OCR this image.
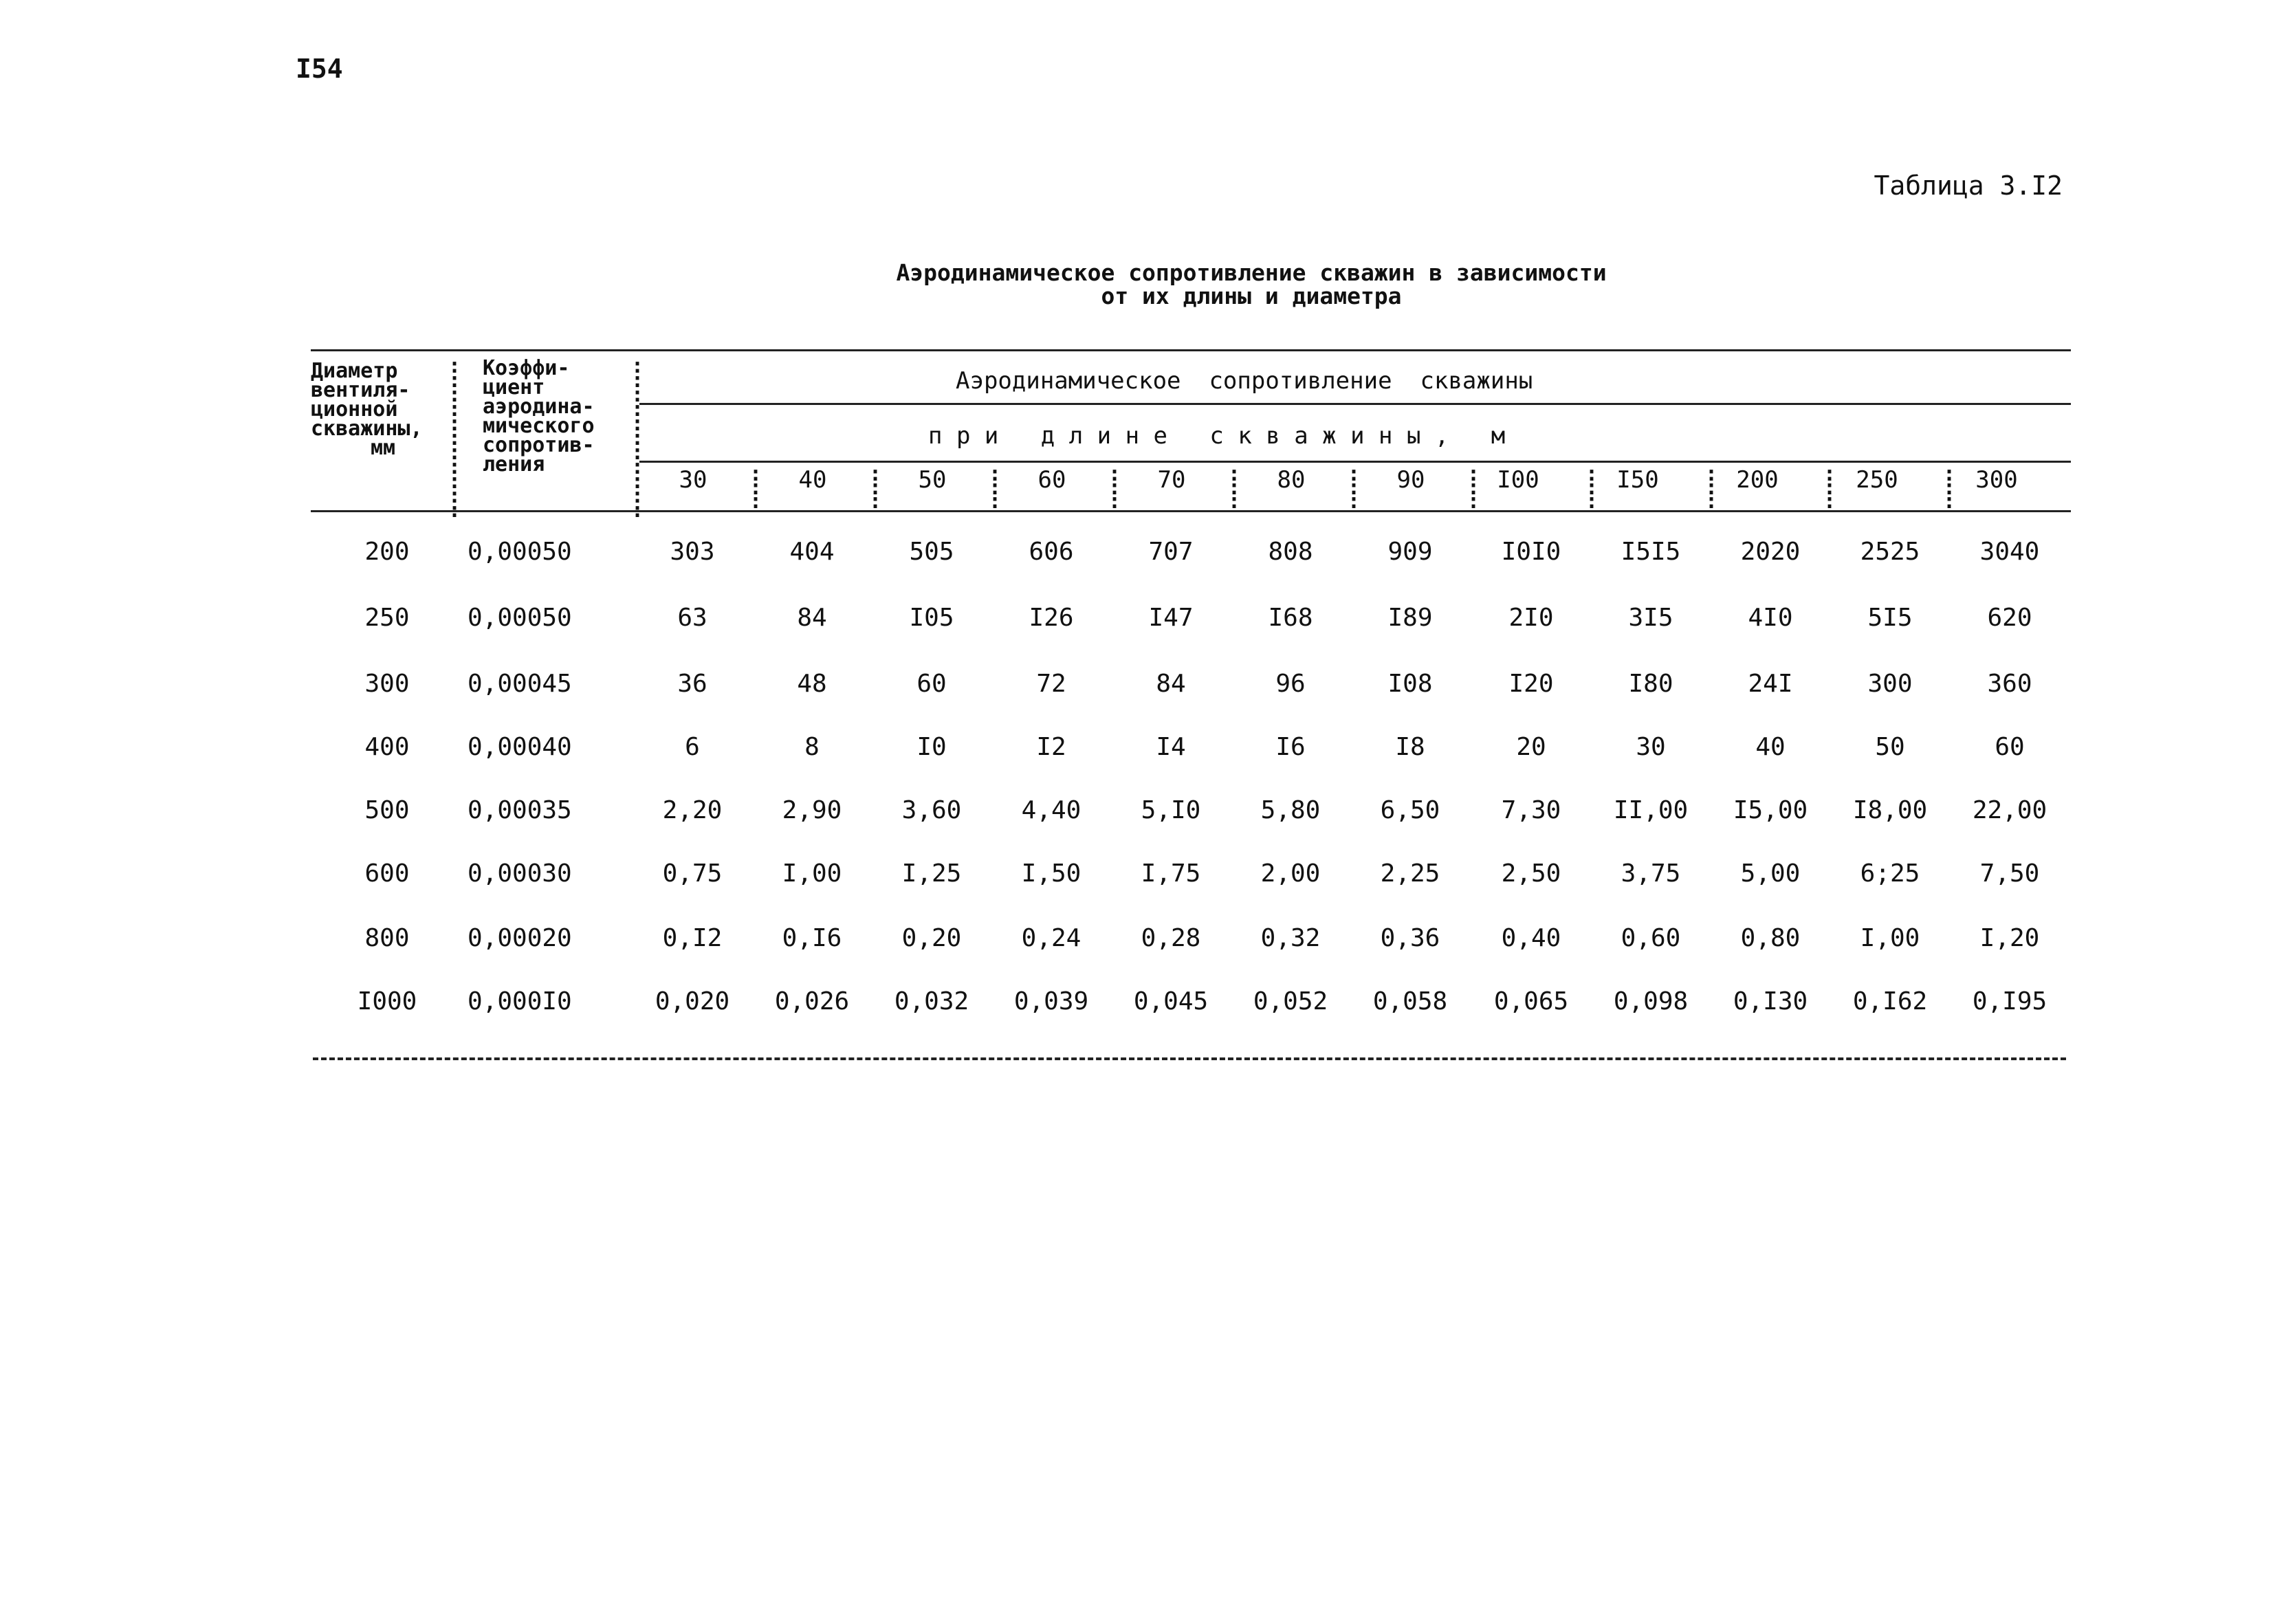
I54
Таблица 3.I2
Аэродинамическое сопротивление скважин в зависимости
от их длины и диаметра
Диаметр
вентиля-
ционной
скважины,
мм
:
:
:
:
:
:
:
:
:
:
:
Коэффи-
циент
аэродина-
мического
сопротив-
ления
:
:
:
:
:
:
:
:
:
:
:
Аэродинамическое  сопротивление  скважины
п р и   д л и н е   с к в а ж и н ы ,   м
30	40	50	60	70	80	90	I00	I50	200	250	300
:
:
:
:
:
:
:
:
:
:
:
:
:
:
:
:
:
:
:
:
:
:
:
:
:
:
:
:
:
:
:
:
:
200	0,00050	303	404	505	606	707	808	909	I0I0	I5I5	2020	2525	3040
250	0,00050	63	84	I05	I26	I47	I68	I89	2I0	3I5	4I0	5I5	620
300	0,00045	36	48	60	72	84	96	I08	I20	I80	24I	300	360
400	0,00040	6	8	I0	I2	I4	I6	I8	20	30	40	50	60
500	0,00035	2,20	2,90	3,60	4,40	5,I0	5,80	6,50	7,30	II,00	I5,00	I8,00	22,00
600	0,00030	0,75	I,00	I,25	I,50	I,75	2,00	2,25	2,50	3,75	5,00	6;25	7,50
800	0,00020	0,I2	0,I6	0,20	0,24	0,28	0,32	0,36	0,40	0,60	0,80	I,00	I,20
I000	0,000I0	0,020	0,026	0,032	0,039	0,045	0,052	0,058	0,065	0,098	0,I30	0,I62	0,I95
